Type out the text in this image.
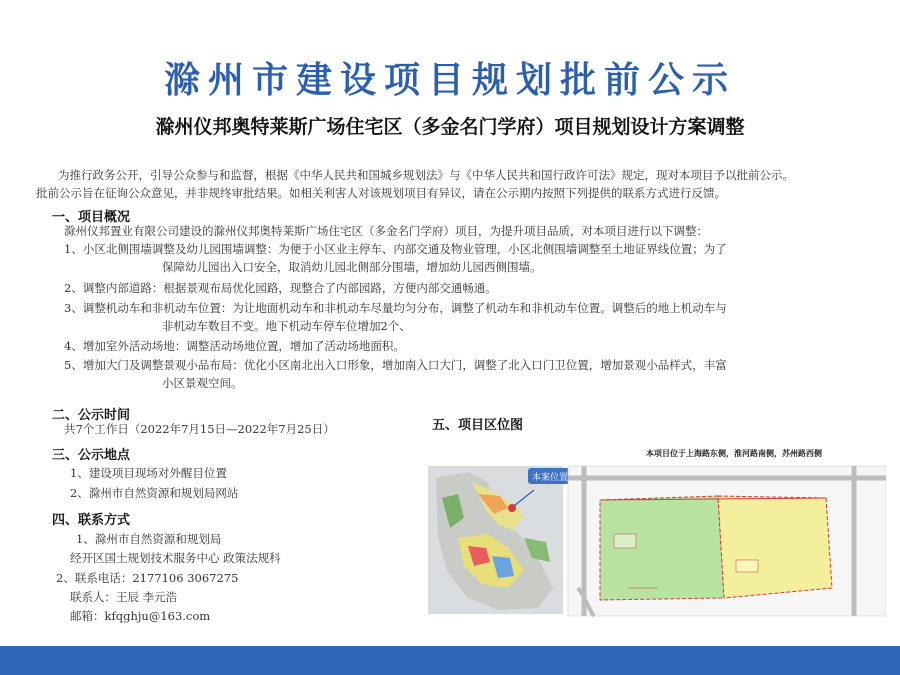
滁州市建设项目规划批前公示
滁州仪邦奥特莱斯广场住宅区（多金名门学府）项目规划设计方案调整
为推行政务公开，引导公众参与和监督，根据《中华人民共和国城乡规划法》与《中华人民共和国行政许可法》规定，现对本项目予以批前公示。
批前公示旨在征询公众意见，并非规终审批结果。如相关利害人对该规划项目有异议，请在公示期内按照下列提供的联系方式进行反馈。
一、项目概况
滁州仪邦置业有限公司建设的滁州仪邦奥特莱斯广场住宅区（多金名门学府）项目，为提升项目品质，对本项目进行以下调整：
1、小区北侧围墙调整及幼儿园围墙调整：为便于小区业主停车、内部交通及物业管理，小区北侧围墙调整至土地证界线位置；为了
保障幼儿园出入口安全，取消幼儿园北侧部分围墙，增加幼儿园西侧围墙。
2、调整内部道路：根据景观布局优化园路，现整合了内部园路，方便内部交通畅通。
3、调整机动车和非机动车位置：为让地面机动车和非机动车尽量均匀分布，调整了机动车和非机动车位置。调整后的地上机动车与
非机动车数目不变。地下机动车停车位增加2个、
4、增加室外活动场地：调整活动场地位置，增加了活动场地面积。
5、增加大门及调整景观小品布局：优化小区南北出入口形象，增加南入口大门，调整了北入口门卫位置，增加景观小品样式，丰富
小区景观空间。
二、公示时间
共7个工作日（2022年7月15日—2022年7月25日）
三、公示地点
1、建设项目现场对外醒目位置
2、滁州市自然资源和规划局网站
四、联系方式
1、滁州市自然资源和规划局
经开区国土规划技术服务中心 政策法规科
2、联系电话：2177106 3067275
联系人：王辰 李元浩
邮箱：kfqghju@163.com
五、项目区位图
本案位置
本项目位于上海路东侧，淮河路南侧，苏州路西侧
